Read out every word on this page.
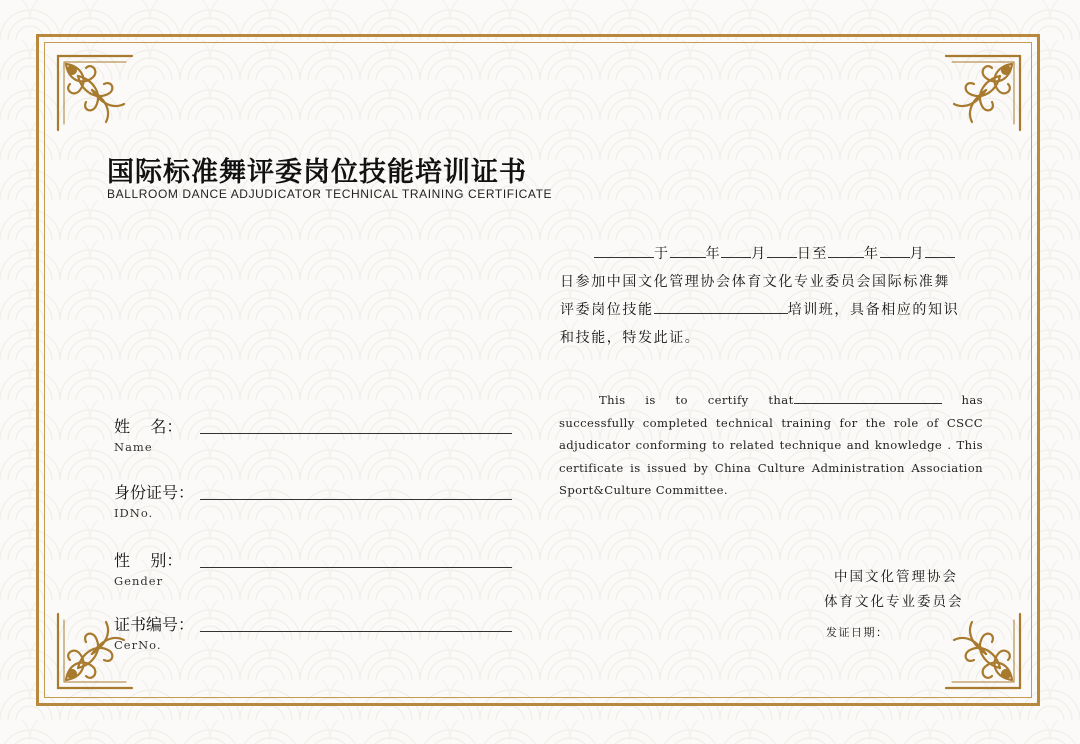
国际标准舞评委岗位技能培训证书
BALLROOM DANCE ADJUDICATOR TECHNICAL TRAINING CERTIFICATE
姓    名：
Name
身份证号：
IDNo.
性    别：
Gender
证书编号：
CerNo.
于	年 月 日至	年 月
日参加中国文化管理协会体育文化专业委员会国际标准舞
评委岗位技能	培训班，具备相应的知识
和技能，特发此证。
This is to certify that	has successfully completed technical training for the role of CSCC adjudicator conforming to related technique and knowledge . This certificate is issued by China Culture Administration Association Sport&Culture Committee.
中国文化管理协会
体育文化专业委员会
发证日期：
